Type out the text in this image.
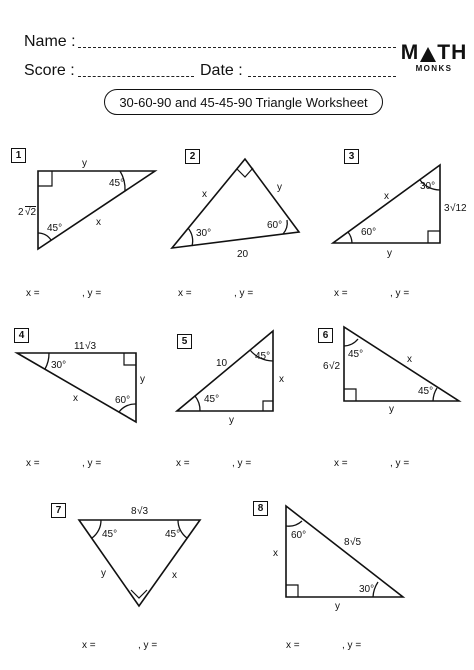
Name :
Score :	Date :
M TH
MONKS
30-60-90 and 45-45-90 Triangle Worksheet
1	2	3
4
5
6
7	8
y
45°
2 √2
45°
x
x
y
30°
60°
20
x
30°
3 √12
60°
y
11 √3
30°
y
x	60°
10
45°
x
45°
y
6 √2
45°	x
45°
y
8 √3
45°	45°
y	x
60°
8 √5
x
30°
y
x =	, y =	x =	, y =	x =	, y =
x =	, y =	x =	, y =	x =	, y =
x =	, y =	x =	, y =
